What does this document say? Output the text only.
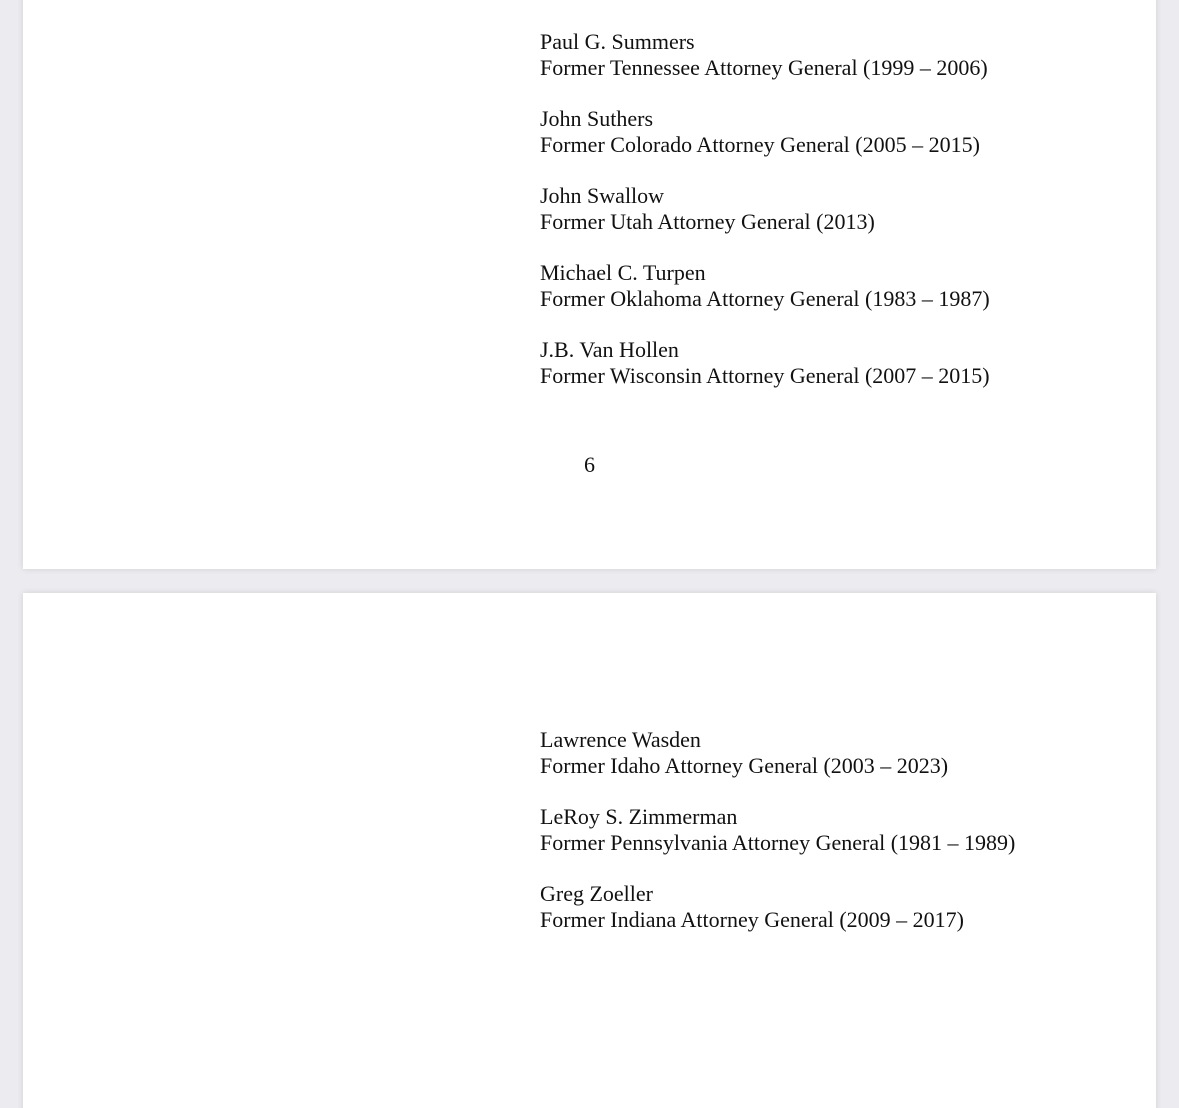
Paul G. Summers
Former Tennessee Attorney General (1999 – 2006)
John Suthers
Former Colorado Attorney General (2005 – 2015)
John Swallow
Former Utah Attorney General (2013)
Michael C. Turpen
Former Oklahoma Attorney General (1983 – 1987)
J.B. Van Hollen
Former Wisconsin Attorney General (2007 – 2015)
6
Lawrence Wasden
Former Idaho Attorney General (2003 – 2023)
LeRoy S. Zimmerman
Former Pennsylvania Attorney General (1981 – 1989)
Greg Zoeller
Former Indiana Attorney General (2009 – 2017)
